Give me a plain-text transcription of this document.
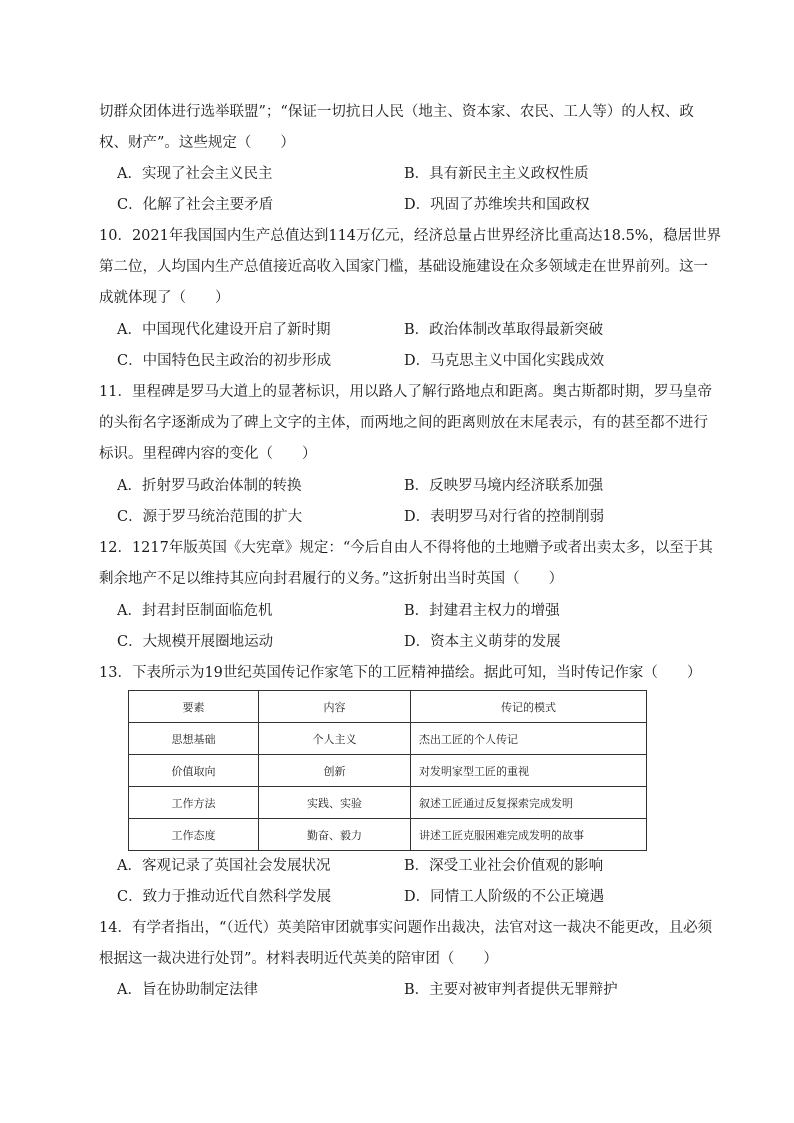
切群众团体进行选举联盟”；“保证一切抗日人民（地主、资本家、农民、工人等）的人权、政
权、财产”。这些规定（　　）
A．实现了社会主义民主	B．具有新民主主义政权性质
C．化解了社会主要矛盾	D．巩固了苏维埃共和国政权
10．2021年我国国内生产总值达到114万亿元，经济总量占世界经济比重高达18.5%，稳居世界
第二位，人均国内生产总值接近高收入国家门槛，基础设施建设在众多领域走在世界前列。这一
成就体现了（　　）
A．中国现代化建设开启了新时期	B．政治体制改革取得最新突破
C．中国特色民主政治的初步形成	D．马克思主义中国化实践成效
11．里程碑是罗马大道上的显著标识，用以路人了解行路地点和距离。奥古斯都时期，罗马皇帝
的头衔名字逐渐成为了碑上文字的主体，而两地之间的距离则放在末尾表示，有的甚至都不进行
标识。里程碑内容的变化（　　）
A．折射罗马政治体制的转换	B．反映罗马境内经济联系加强
C．源于罗马统治范围的扩大	D．表明罗马对行省的控制削弱
12．1217年版英国《大宪章》规定：“今后自由人不得将他的土地赠予或者出卖太多，以至于其
剩余地产不足以维持其应向封君履行的义务。”这折射出当时英国（　　）
A．封君封臣制面临危机	B．封建君主权力的增强
C．大规模开展圈地运动	D．资本主义萌芽的发展
13．下表所示为19世纪英国传记作家笔下的工匠精神描绘。据此可知，当时传记作家（　　）
要素	内容	传记的模式
思想基础	个人主义	杰出工匠的个人传记
价值取向	创新	对发明家型工匠的重视
工作方法	实践、实验	叙述工匠通过反复探索完成发明
工作态度	勤奋、毅力	讲述工匠克服困难完成发明的故事
A．客观记录了英国社会发展状况	B．深受工业社会价值观的影响
C．致力于推动近代自然科学发展	D．同情工人阶级的不公正境遇
14．有学者指出，“（近代）英美陪审团就事实问题作出裁决，法官对这一裁决不能更改，且必须
根据这一裁决进行处罚”。材料表明近代英美的陪审团（　　）
A．旨在协助制定法律	B．主要对被审判者提供无罪辩护
